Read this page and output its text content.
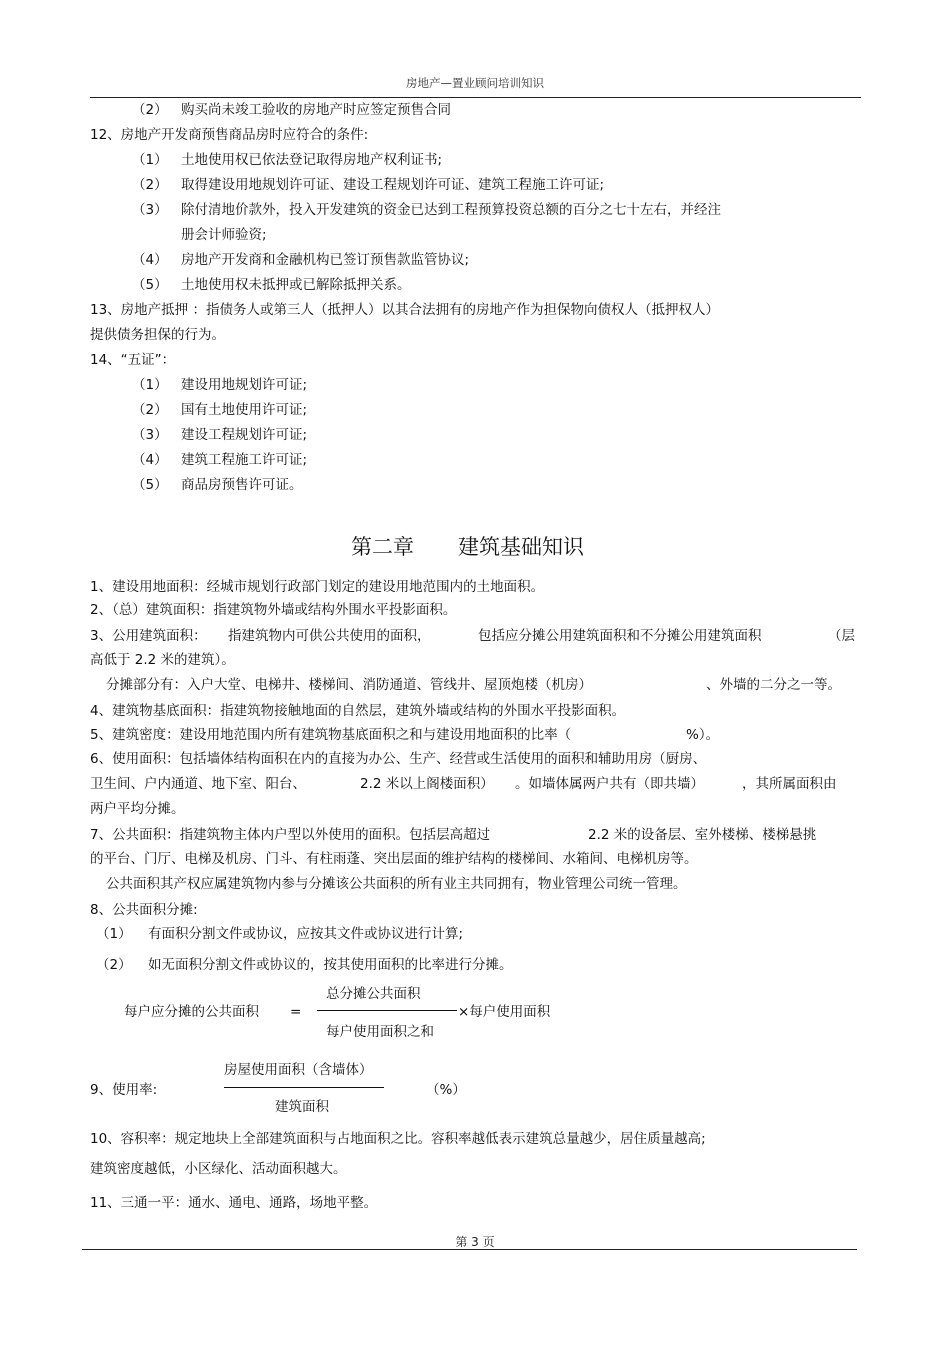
房地产—置业顾问培训知识
（2） 购买尚未竣工验收的房地产时应签定预售合同
12、房地产开发商预售商品房时应符合的条件:
（1） 土地使用权已依法登记取得房地产权利证书;
（2） 取得建设用地规划许可证、建设工程规划许可证、建筑工程施工许可证;
（3） 除付清地价款外，投入开发建筑的资金已达到工程预算投资总额的百分之七十左右，并经注
册会计师验资;
（4） 房地产开发商和金融机构已签订预售款监管协议;
（5） 土地使用权未抵押或已解除抵押关系。
13、房地产抵押 ：指债务人或第三人（抵押人）以其合法拥有的房地产作为担保物向债权人（抵押权人）
提供债务担保的行为。
14、“五证”：
（1） 建设用地规划许可证;
（2） 国有土地使用许可证;
（3） 建设工程规划许可证;
（4） 建筑工程施工许可证;
（5） 商品房预售许可证。
第二章 建筑基础知识
1、建设用地面积：经城市规划行政部门划定的建设用地范围内的土地面积。
2、（总）建筑面积：指建筑物外墙或结构外围水平投影面积。
3、公用建筑面积： 指建筑物内可供公共使用的面积，	包括应分摊公用建筑面积和不分摊公用建筑面积	（层
高低于 2.2 米的建筑）。
分摊部分有：入户大堂、电梯井、楼梯间、消防通道、管线井、屋顶炮楼（机房）	、外墙的二分之一等。
4、建筑物基底面积：指建筑物接触地面的自然层，建筑外墙或结构的外围水平投影面积。
5、建筑密度：建设用地范围内所有建筑物基底面积之和与建设用地面积的比率（	%）。
6、使用面积：包括墙体结构面积在内的直接为办公、生产、经营或生活使用的面积和辅助用房（厨房、
卫生间、户内通道、地下室、阳台、	2.2 米以上阁楼面积） 。如墙体属两户共有（即共墙）	，其所属面积由
两户平均分摊。
7、公共面积：指建筑物主体内户型以外使用的面积。包括层高超过	2.2 米的设备层、室外楼梯、楼梯悬挑
的平台、门厅、电梯及机房、门斗、有柱雨蓬、突出层面的维护结构的楼梯间、水箱间、电梯机房等。
公共面积其产权应属建筑物内参与分摊该公共面积的所有业主共同拥有，物业管理公司统一管理。
8、公共面积分摊:
（1） 有面积分割文件或协议，应按其文件或协议进行计算;
（2） 如无面积分割文件或协议的，按其使用面积的比率进行分摊。
每户应分摊的公共面积 =
总分摊公共面积
每户使用面积之和
×每户使用面积
9、使用率:
房屋使用面积（含墙体）
建筑面积
（%）
10、容积率：规定地块上全部建筑面积与占地面积之比。容积率越低表示建筑总量越少，居住质量越高;
建筑密度越低，小区绿化、活动面积越大。
11、三通一平：通水、通电、通路，场地平整。
第 3 页
